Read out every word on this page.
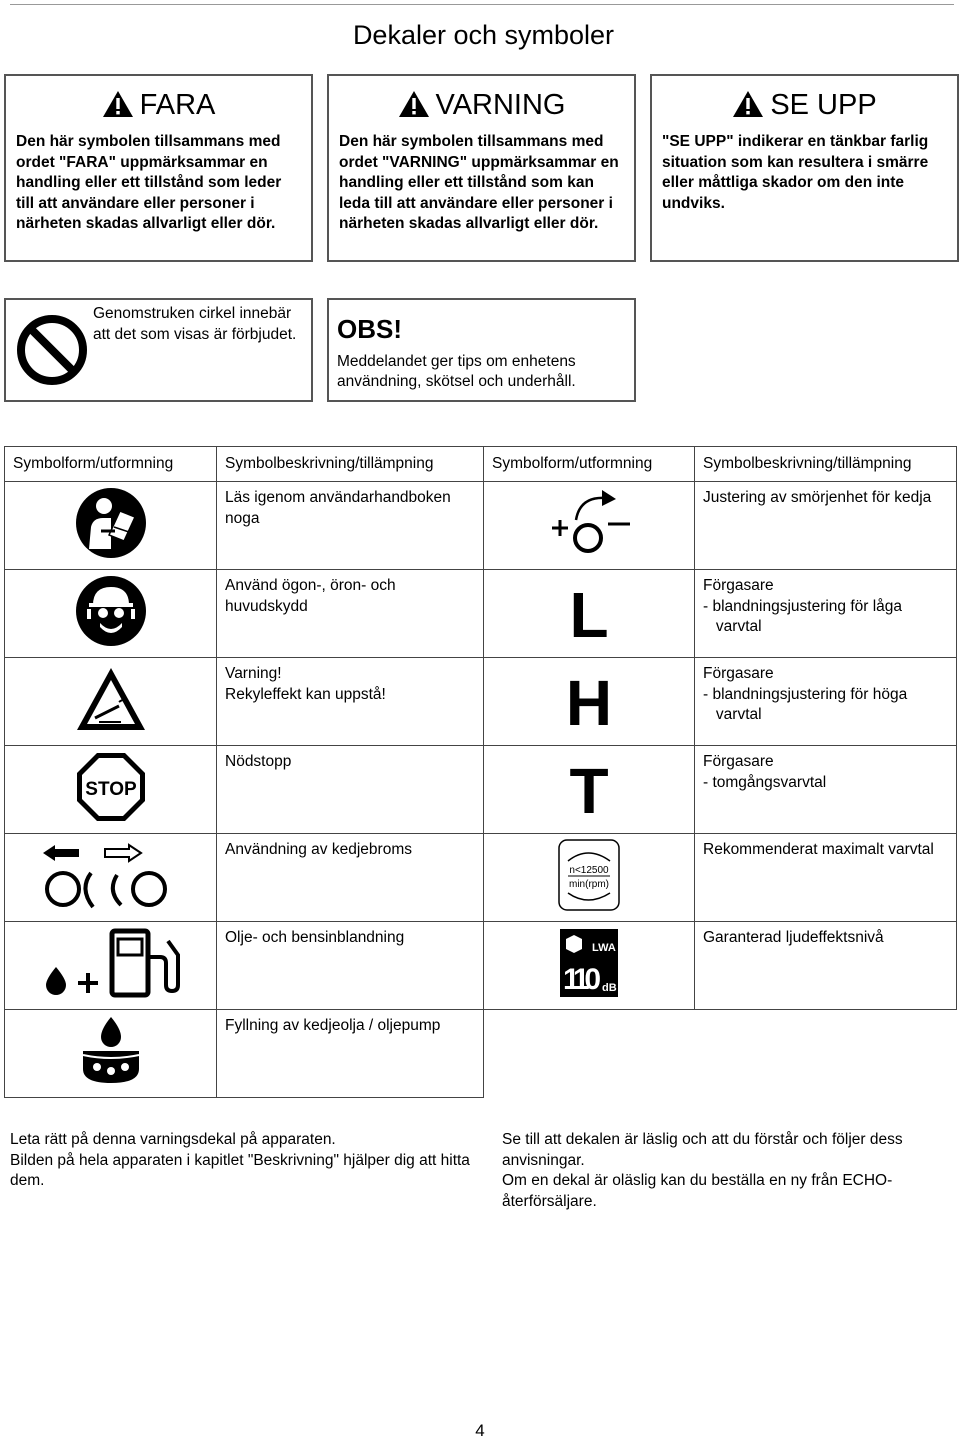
Dekaler och symboler
FARA
Den här symbolen tillsammans med ordet "FARA" uppmärksammar en handling eller ett tillstånd som leder till att användare eller personer i närheten skadas allvarligt eller dör.
VARNING
Den här symbolen tillsammans med ordet "VARNING" uppmärksammar en handling eller ett tillstånd som kan leda till att användare eller personer i närheten skadas allvarligt eller dör.
SE UPP
"SE UPP" indikerar en tänkbar farlig situation som kan resultera i smärre eller måttliga skador om den inte undviks.
Genomstruken cirkel innebär att det som visas är förbjudet.	OBS!
Meddelandet ger tips om enhetens användning, skötsel och underhåll.
Symbolform/utformning	Symbolbeskrivning/tillämpning	Symbolform/utformning	Symbolbeskrivning/tillämpning

	Läs igenom användarhandboken noga		Justering av smörjenhet för kedja

	Använd ögon-, öron- och huvudskydd	L	Förgasare
- blandningsjustering för låga
varvtal

	Varning!
Rekyleffekt kan uppstå!	H	Förgasare
- blandningsjustering för höga
varvtal

STOP	Nödstopp	T	Förgasare
- tomgångsvarvtal

	Användning av kedjebroms	n<12500
min(rpm)	Rekommenderat maximalt varvtal

	Olje- och bensinblandning	LWA
110 dB	Garanterad ljudeffektsnivå

	Fyllning av kedjeolja / oljepump		
Leta rätt på denna varningsdekal på apparaten.
Bilden på hela apparaten i kapitlet "Beskrivning" hjälper dig att hitta dem.
Se till att dekalen är läslig och att du förstår och följer dess anvisningar.
Om en dekal är oläslig kan du beställa en ny från ECHO-återförsäljare.
4
